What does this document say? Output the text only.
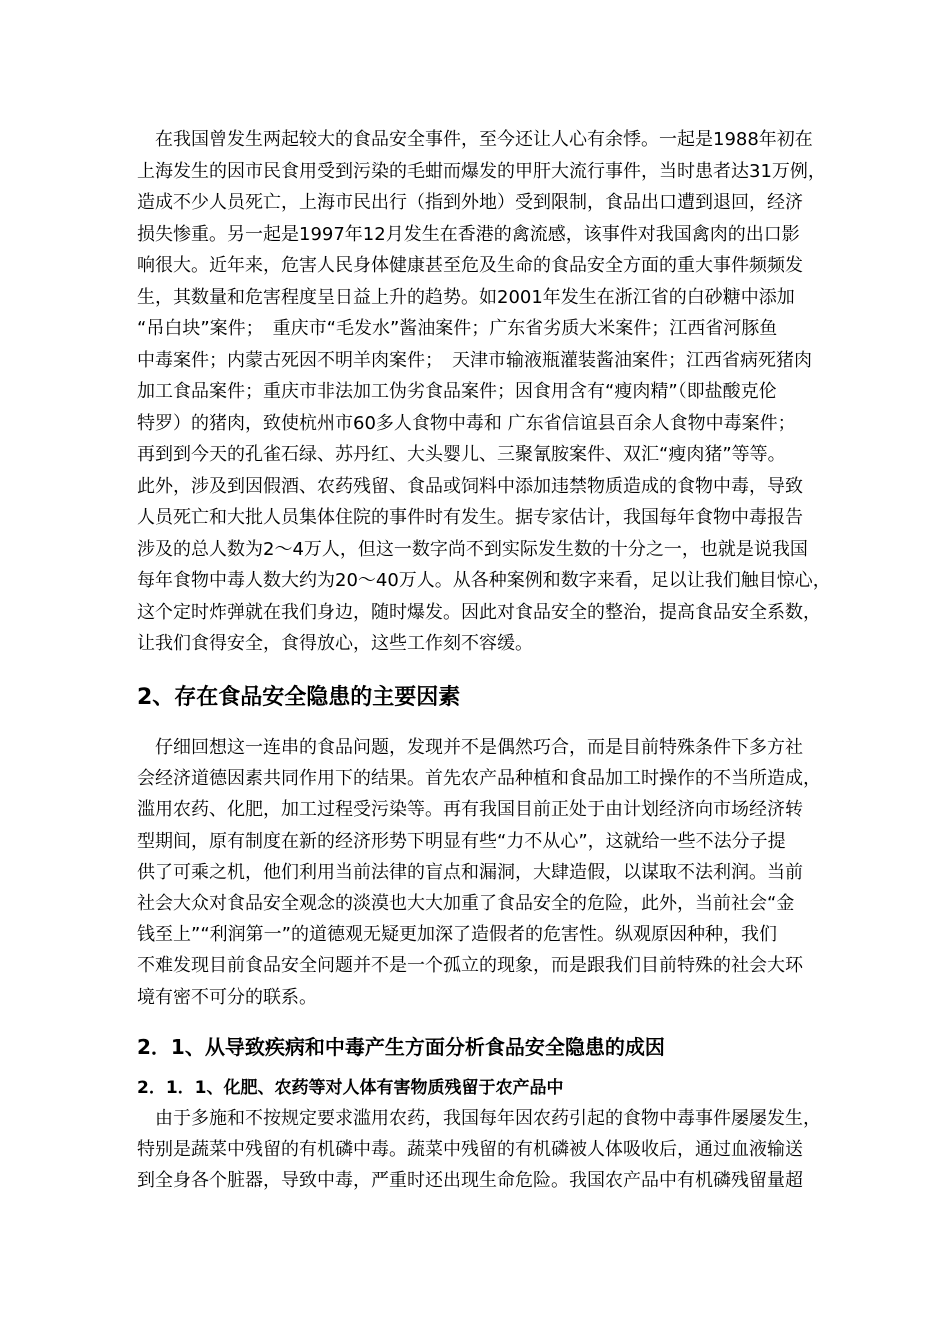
　在我国曾发生两起较大的食品安全事件，至今还让人心有余悸。一起是1988年初在
上海发生的因市民食用受到污染的毛蚶而爆发的甲肝大流行事件，当时患者达31万例，
造成不少人员死亡，上海市民出行（指到外地）受到限制，食品出口遭到退回，经济
损失惨重。另一起是1997年12月发生在香港的禽流感，该事件对我国禽肉的出口影
响很大。近年来，危害人民身体健康甚至危及生命的食品安全方面的重大事件频频发
生，其数量和危害程度呈日益上升的趋势。如2001年发生在浙江省的白砂糖中添加
“吊白块”案件；　重庆市“毛发水”酱油案件；广东省劣质大米案件；江西省河豚鱼
中毒案件；内蒙古死因不明羊肉案件；　天津市输液瓶灌装酱油案件；江西省病死猪肉
加工食品案件；重庆市非法加工伪劣食品案件；因食用含有“瘦肉精”（即盐酸克伦
特罗）的猪肉，致使杭州市60多人食物中毒和 广东省信谊县百余人食物中毒案件；
再到到今天的孔雀石绿、苏丹红、大头婴儿、三聚氰胺案件、双汇“瘦肉猪”等等。
此外，涉及到因假酒、农药残留、食品或饲料中添加违禁物质造成的食物中毒，导致
人员死亡和大批人员集体住院的事件时有发生。据专家估计，我国每年食物中毒报告
涉及的总人数为2～4万人，但这一数字尚不到实际发生数的十分之一，也就是说我国
每年食物中毒人数大约为20～40万人。从各种案例和数字来看，足以让我们触目惊心，
这个定时炸弹就在我们身边，随时爆发。因此对食品安全的整治，提高食品安全系数，
让我们食得安全，食得放心，这些工作刻不容缓。
2、存在食品安全隐患的主要因素
　仔细回想这一连串的食品问题，发现并不是偶然巧合，而是目前特殊条件下多方社
会经济道德因素共同作用下的结果。首先农产品种植和食品加工时操作的不当所造成，
滥用农药、化肥，加工过程受污染等。再有我国目前正处于由计划经济向市场经济转
型期间，原有制度在新的经济形势下明显有些“力不从心”，这就给一些不法分子提
供了可乘之机，他们利用当前法律的盲点和漏洞，大肆造假，以谋取不法利润。当前
社会大众对食品安全观念的淡漠也大大加重了食品安全的危险，此外，当前社会“金
钱至上”“利润第一”的道德观无疑更加深了造假者的危害性。纵观原因种种，我们
不难发现目前食品安全问题并不是一个孤立的现象，而是跟我们目前特殊的社会大环
境有密不可分的联系。
2．1、从导致疾病和中毒产生方面分析食品安全隐患的成因
2．1．1、化肥、农药等对人体有害物质残留于农产品中
　由于多施和不按规定要求滥用农药，我国每年因农药引起的食物中毒事件屡屡发生，
特别是蔬菜中残留的有机磷中毒。蔬菜中残留的有机磷被人体吸收后，通过血液输送
到全身各个脏器，导致中毒，严重时还出现生命危险。我国农产品中有机磷残留量超
